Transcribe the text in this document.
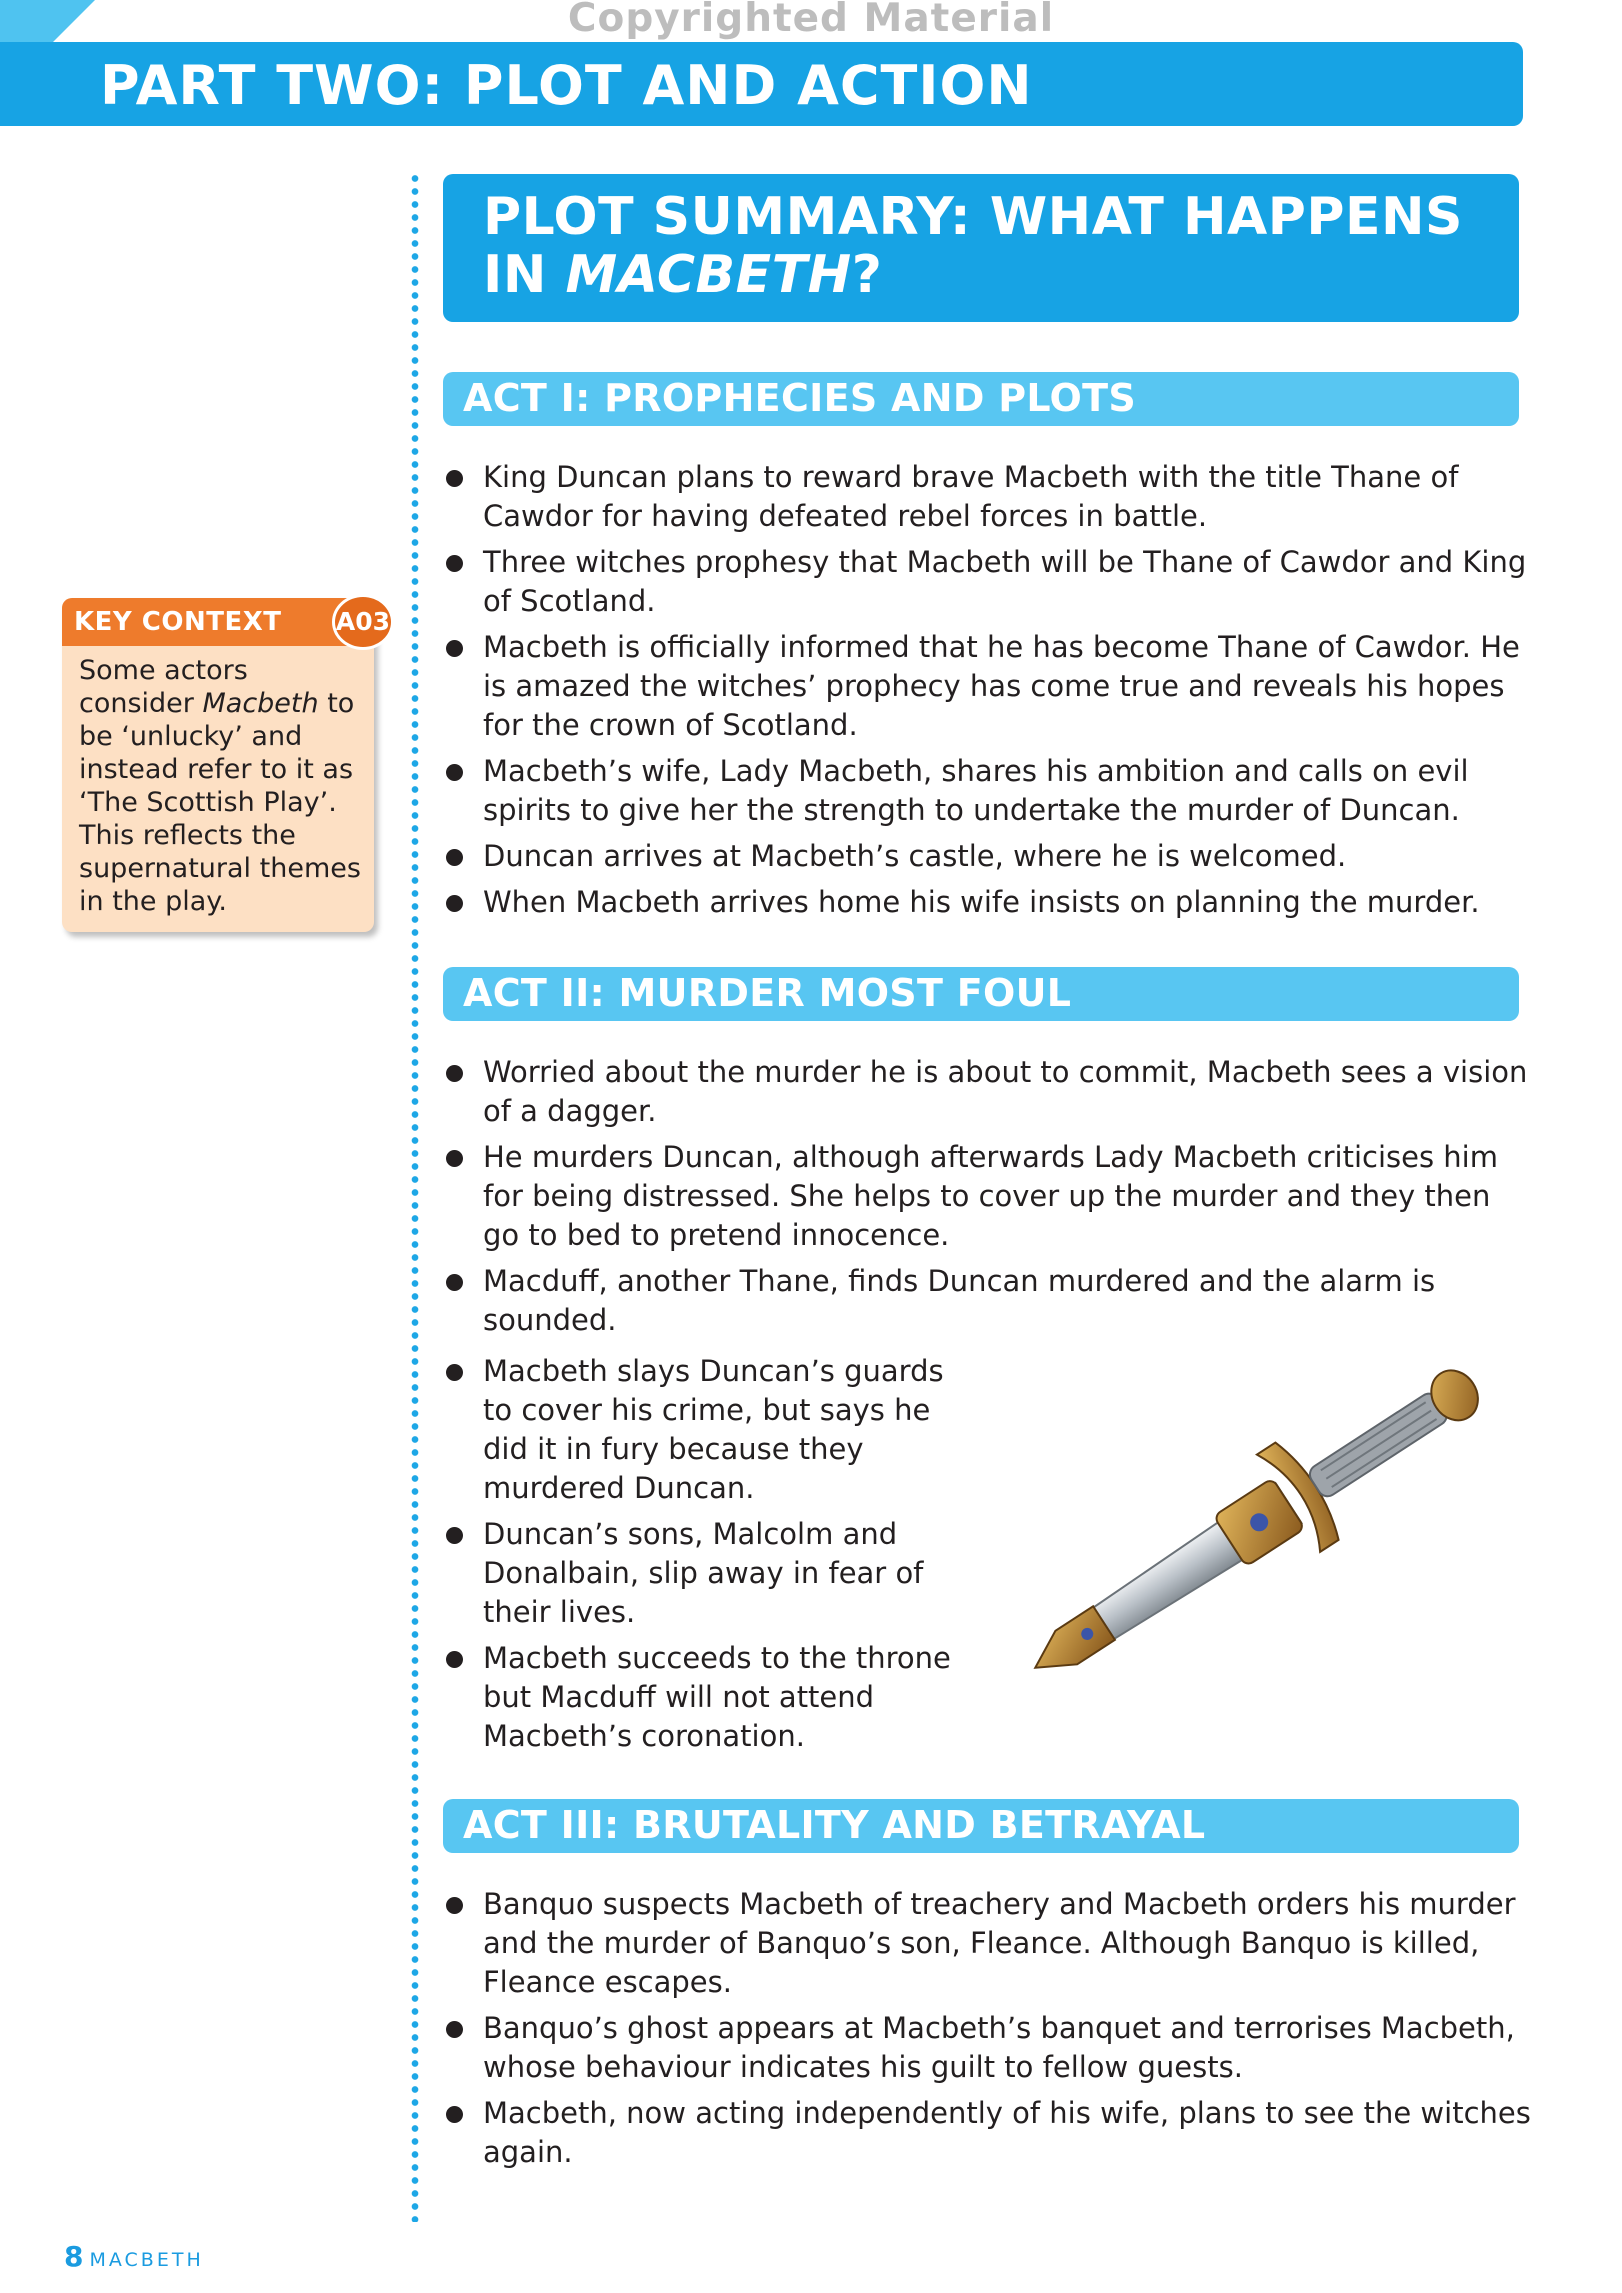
Copyrighted Material
PART TWO: PLOT AND ACTION
PLOT SUMMARY: WHAT HAPPENS
IN MACBETH?
KEY CONTEXT A03
Some actors consider Macbeth to be ‘unlucky’ and instead refer to it as ‘The Scottish Play’. This reflects the supernatural themes in the play.
ACT I: PROPHECIES AND PLOTS
King Duncan plans to reward brave Macbeth with the title Thane of Cawdor for having defeated rebel forces in battle.
Three witches prophesy that Macbeth will be Thane of Cawdor and King of Scotland.
Macbeth is officially informed that he has become Thane of Cawdor. He is amazed the witches’ prophecy has come true and reveals his hopes for the crown of Scotland.
Macbeth’s wife, Lady Macbeth, shares his ambition and calls on evil spirits to give her the strength to undertake the murder of Duncan.
Duncan arrives at Macbeth’s castle, where he is welcomed.
When Macbeth arrives home his wife insists on planning the murder.
ACT II: MURDER MOST FOUL
Worried about the murder he is about to commit, Macbeth sees a vision of a dagger.
He murders Duncan, although afterwards Lady Macbeth criticises him for being distressed. She helps to cover up the murder and they then go to bed to pretend innocence.
Macduff, another Thane, finds Duncan murdered and the alarm is sounded.
Macbeth slays Duncan’s guards to cover his crime, but says he did it in fury because they murdered Duncan.
Duncan’s sons, Malcolm and Donalbain, slip away in fear of their lives.
Macbeth succeeds to the throne but Macduff will not attend Macbeth’s coronation.
ACT III: BRUTALITY AND BETRAYAL
Banquo suspects Macbeth of treachery and Macbeth orders his murder and the murder of Banquo’s son, Fleance. Although Banquo is killed, Fleance escapes.
Banquo’s ghost appears at Macbeth’s banquet and terrorises Macbeth, whose behaviour indicates his guilt to fellow guests.
Macbeth, now acting independently of his wife, plans to see the witches again.
8 MACBETH
